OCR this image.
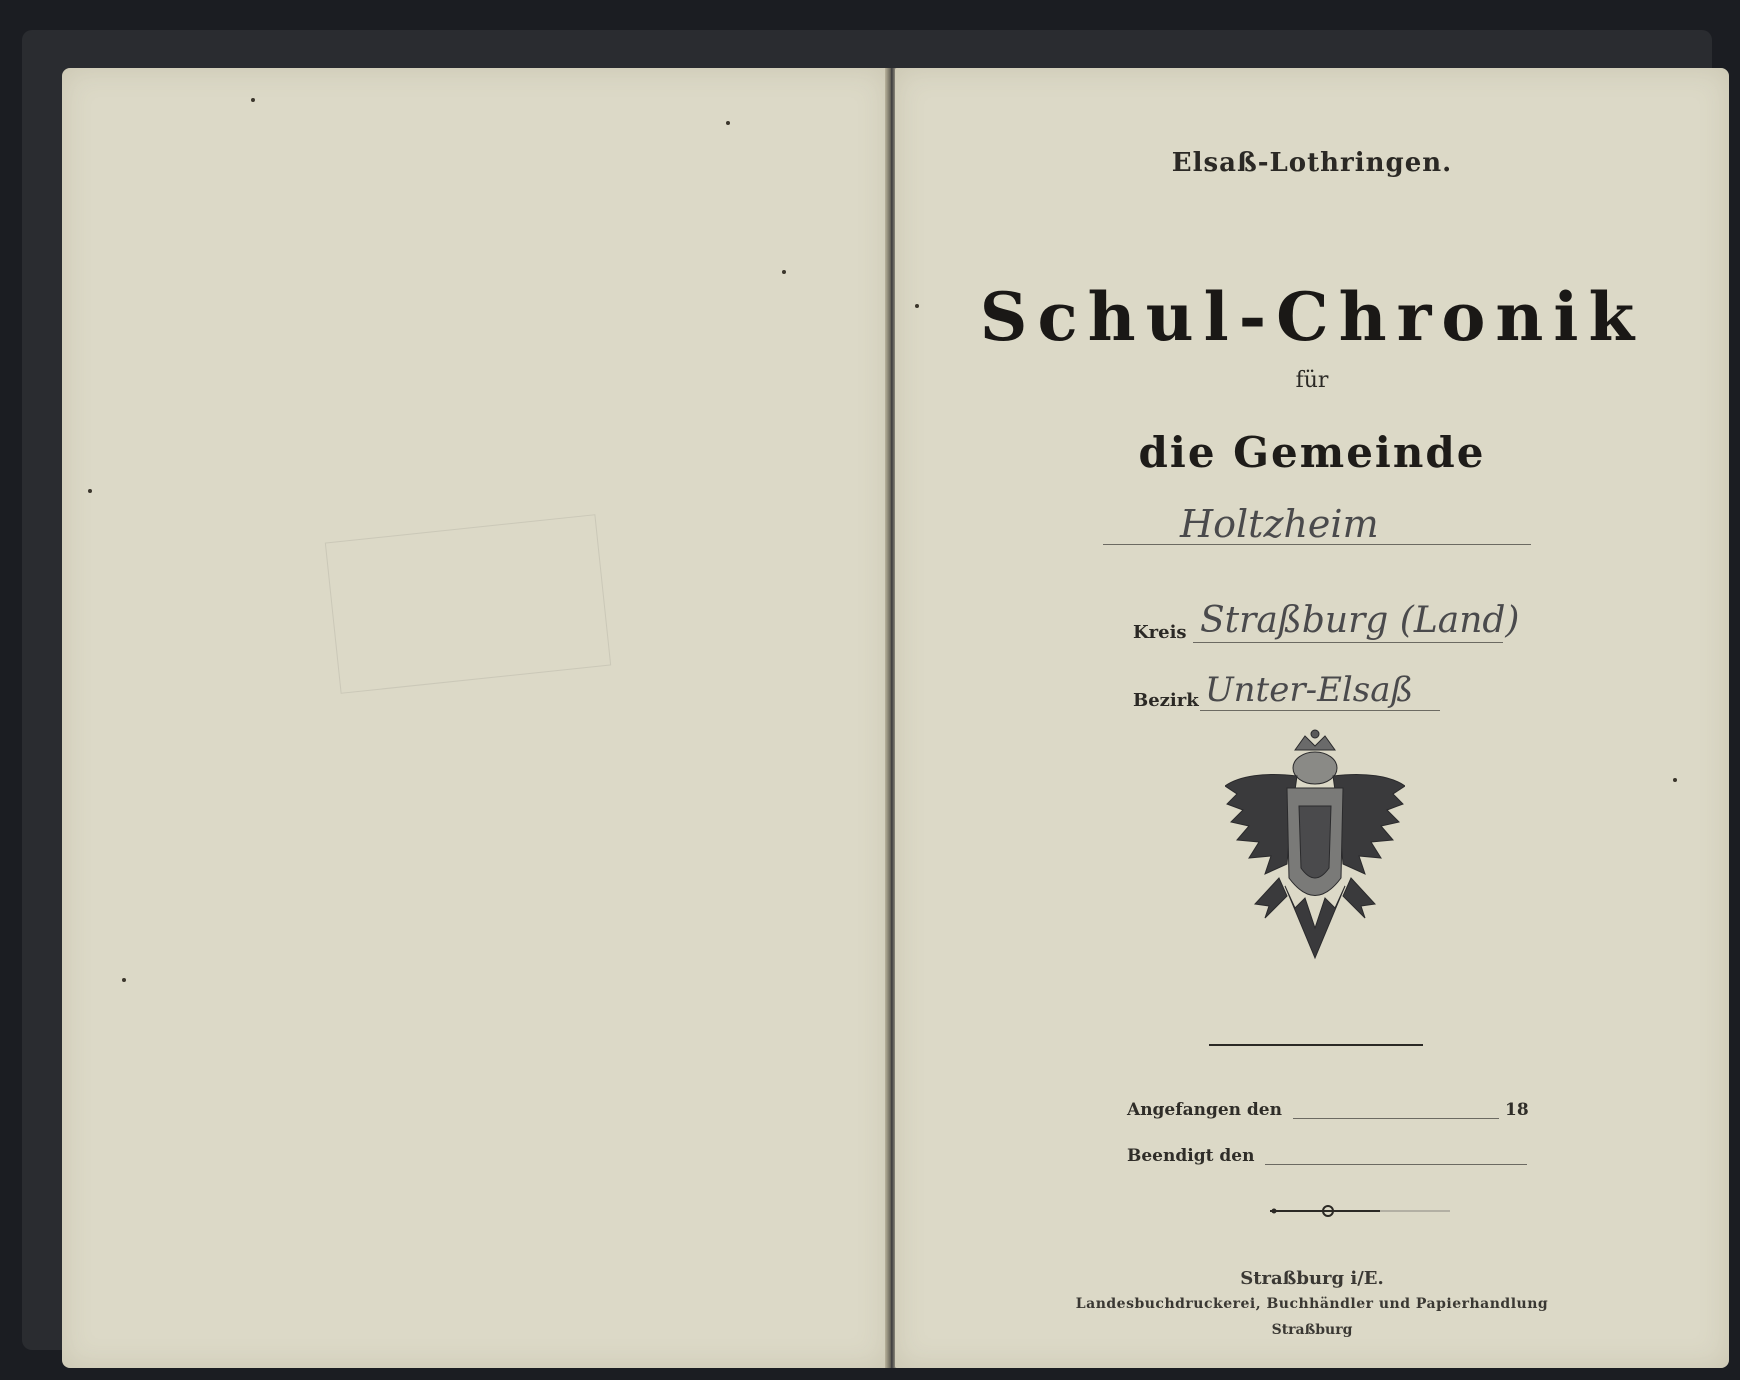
Elsaß-Lothringen.
Schul-Chronik
für
die Gemeinde
Holtzheim
Kreis Straßburg (Land)
Bezirk Unter-Elsaß
Angefangen den	18
Beendigt den
Straßburg i/E.
Landesbuchdruckerei, Buchhändler und Papierhandlung
Straßburg
